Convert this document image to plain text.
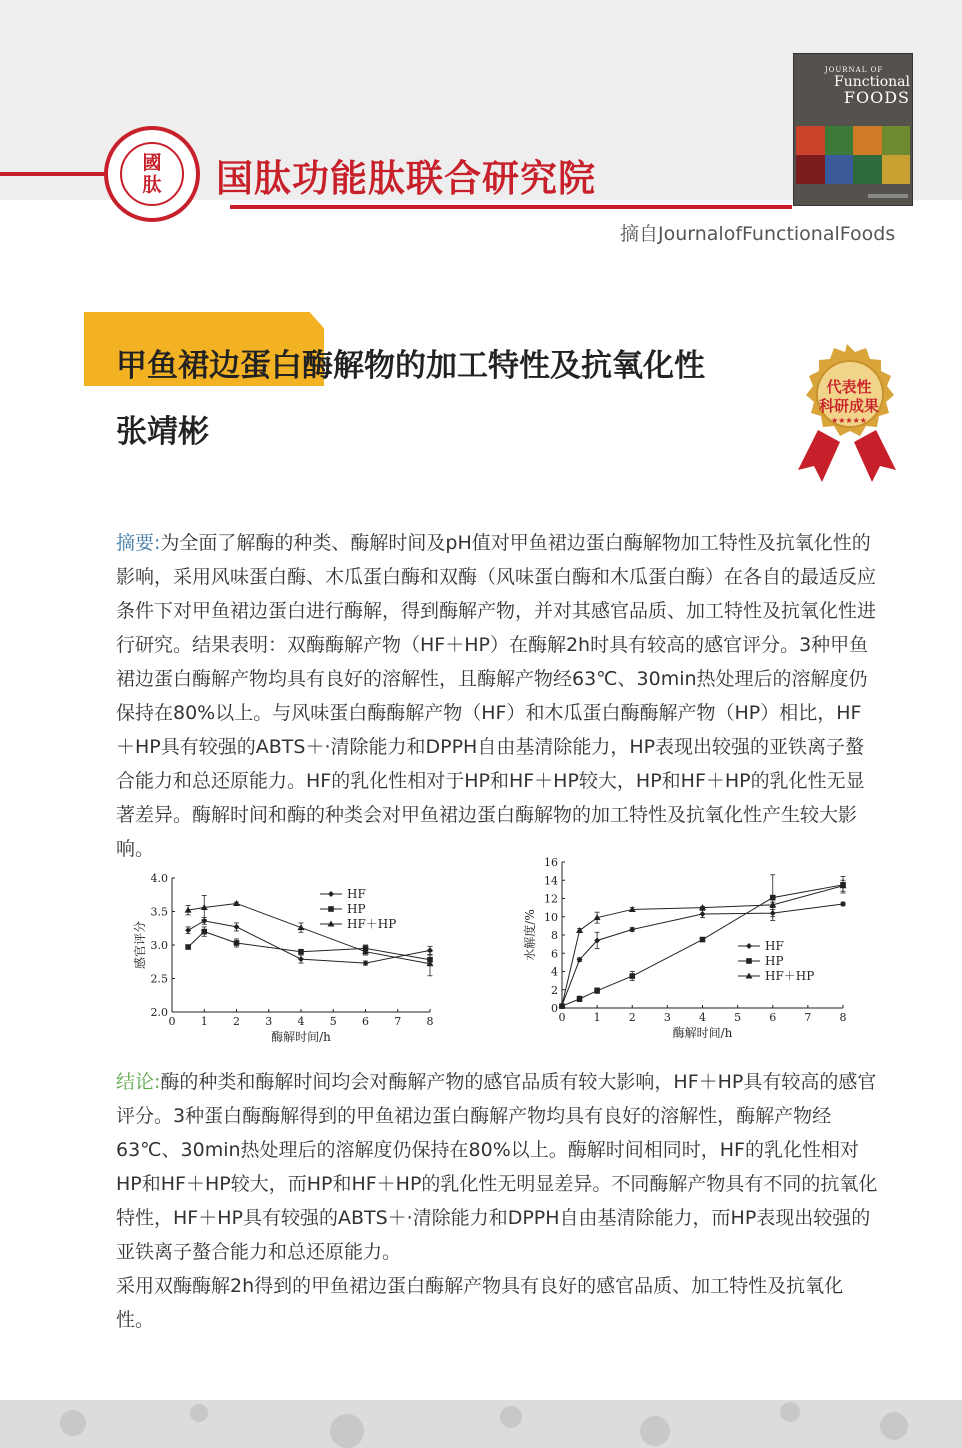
國
肽 国肽功能肽联合研究院
JOURNAL OF
Functional
FOODS
摘自JournalofFunctionalFoods
甲鱼裙边蛋白酶解物的加工特性及抗氧化性
张靖彬
代表性
科研成果
★★★★★
摘要:为全面了解酶的种类、酶解时间及pH值对甲鱼裙边蛋白酶解物加工特性及抗氧化性的影响，采用风味蛋白酶、木瓜蛋白酶和双酶（风味蛋白酶和木瓜蛋白酶）在各自的最适反应条件下对甲鱼裙边蛋白进行酶解，得到酶解产物，并对其感官品质、加工特性及抗氧化性进行研究。结果表明：双酶酶解产物（HF＋HP）在酶解2h时具有较高的感官评分。3种甲鱼裙边蛋白酶解产物均具有良好的溶解性，且酶解产物经63℃、30min热处理后的溶解度仍保持在80%以上。与风味蛋白酶酶解产物（HF）和木瓜蛋白酶酶解产物（HP）相比，HF＋HP具有较强的ABTS＋·清除能力和DPPH自由基清除能力，HP表现出较强的亚铁离子螯合能力和总还原能力。HF的乳化性相对于HP和HF＋HP较大，HP和HF＋HP的乳化性无显著差异。酶解时间和酶的种类会对甲鱼裙边蛋白酶解物的加工特性及抗氧化性产生较大影响。
0 1 2 3 4 5 6 7 8
2.0
2.5
3.0
3.5
4.0
酶解时间/h
感官评分
HF
HP
HF＋HP
0	1	2	3	4	5	6	7	8
0
2
4
6
8
10
12
14
16
酶解时间/h
水解度/%	HF
HP
HF＋HP
结论:酶的种类和酶解时间均会对酶解产物的感官品质有较大影响，HF＋HP具有较高的感官评分。3种蛋白酶酶解得到的甲鱼裙边蛋白酶解产物均具有良好的溶解性，酶解产物经63℃、30min热处理后的溶解度仍保持在80%以上。酶解时间相同时，HF的乳化性相对HP和HF＋HP较大，而HP和HF＋HP的乳化性无明显差异。不同酶解产物具有不同的抗氧化特性，HF＋HP具有较强的ABTS＋·清除能力和DPPH自由基清除能力，而HP表现出较强的亚铁离子螯合能力和总还原能力。
采用双酶酶解2h得到的甲鱼裙边蛋白酶解产物具有良好的感官品质、加工特性及抗氧化性。
